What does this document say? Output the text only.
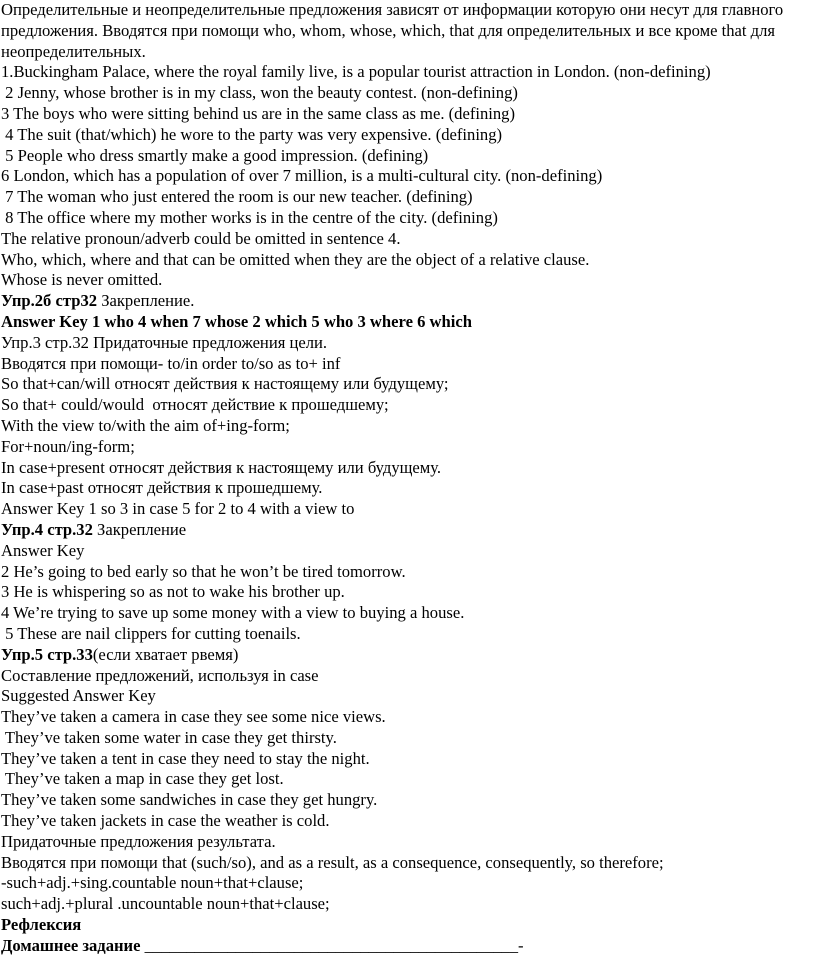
Определительные и неопределительные предложения зависят от информации которую они несут для главного предложения. Вводятся при помощи who, whom, whose, which, that для определительных и все кроме that для неопределительных.
1.Buckingham Palace, where the royal family live, is a popular tourist attraction in London. (non-defining)
2 Jenny, whose brother is in my class, won the beauty contest. (non-defining)
3 The boys who were sitting behind us are in the same class as me. (defining)
4 The suit (that/which) he wore to the party was very expensive. (defining)
5 People who dress smartly make a good impression. (defining)
6 London, which has a population of over 7 million, is a multi-cultural city. (non-defining)
7 The woman who just entered the room is our new teacher. (defining)
8 The office where my mother works is in the centre of the city. (defining)
The relative pronoun/adverb could be omitted in sentence 4.
Who, which, where and that can be omitted when they are the object of a relative clause.
Whose is never omitted.
Упр.2б стр32 Закрепление.
Answer Key 1 who 4 when 7 whose 2 which 5 who 3 where 6 which
Упр.3 стр.32 Придаточные предложения цели.
Вводятся при помощи- to/in order to/so as to+ inf
So that+can/will относят действия к настоящему или будущему;
So that+ could/would  относят действие к прошедшему;
With the view to/with the aim of+ing-form;
For+noun/ing-form;
In case+present относят действия к настоящему или будущему.
In case+past относят действия к прошедшему.
Answer Key 1 so 3 in case 5 for 2 to 4 with a view to
Упр.4 стр.32 Закрепление
Answer Key
2 He’s going to bed early so that he won’t be tired tomorrow.
3 He is whispering so as not to wake his brother up.
4 We’re trying to save up some money with a view to buying a house.
5 These are nail clippers for cutting toenails.
Упр.5 стр.33(если хватает рвемя)
Составление предложений, используя in case
Suggested Answer Key
They’ve taken a camera in case they see some nice views.
They’ve taken some water in case they get thirsty.
They’ve taken a tent in case they need to stay the night.
They’ve taken a map in case they get lost.
They’ve taken some sandwiches in case they get hungry.
They’ve taken jackets in case the weather is cold.
Придаточные предложения результата.
Вводятся при помощи that (such/so), and as a result, as a consequence, consequently, so therefore;
-such+adj.+sing.countable noun+that+clause;
such+adj.+plural .uncountable noun+that+clause;
Рефлексия
Домашнее задание _____________________________________________-
